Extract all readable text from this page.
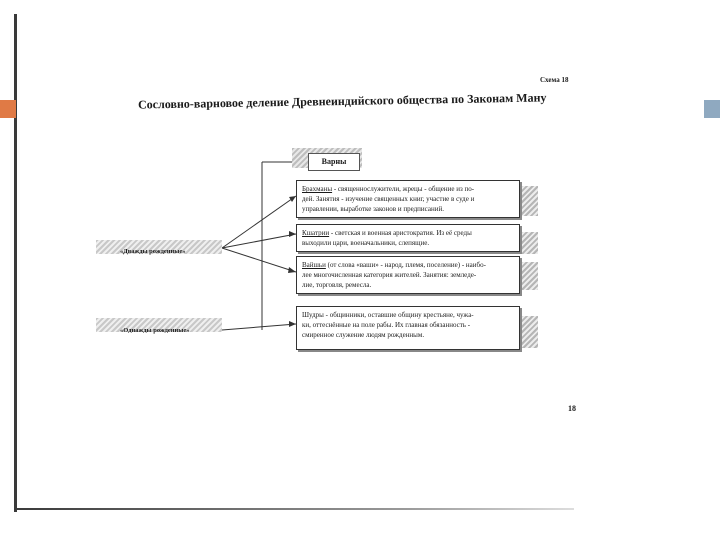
Схема 18
Сословно-варновое деление Древнеиндийского общества по Законам Ману
Варны
Брахманы - священнослужители, жрецы - общение из по-
дей. Занятия - изучение священных книг, участие в суде и
управлении, выработке законов и предписаний.
Кшатрии - светская и военная аристократия. Из её среды
выходили цари, военачальники, слепящие.
Вайшьи (от слова «ваши» - народ, племя, поселение) - наибо-
лее многочисленная категория жителей. Занятия: земледе-
лие, торговля, ремесла.
Шудры - общинники, оставшие общину крестьяне, чужа-
ки, оттеснённые на поле рабы. Их главная обязанность -
смиренное служение людям рожденным.
«Дважды рожденные»
«Однажды рожденные»
18
